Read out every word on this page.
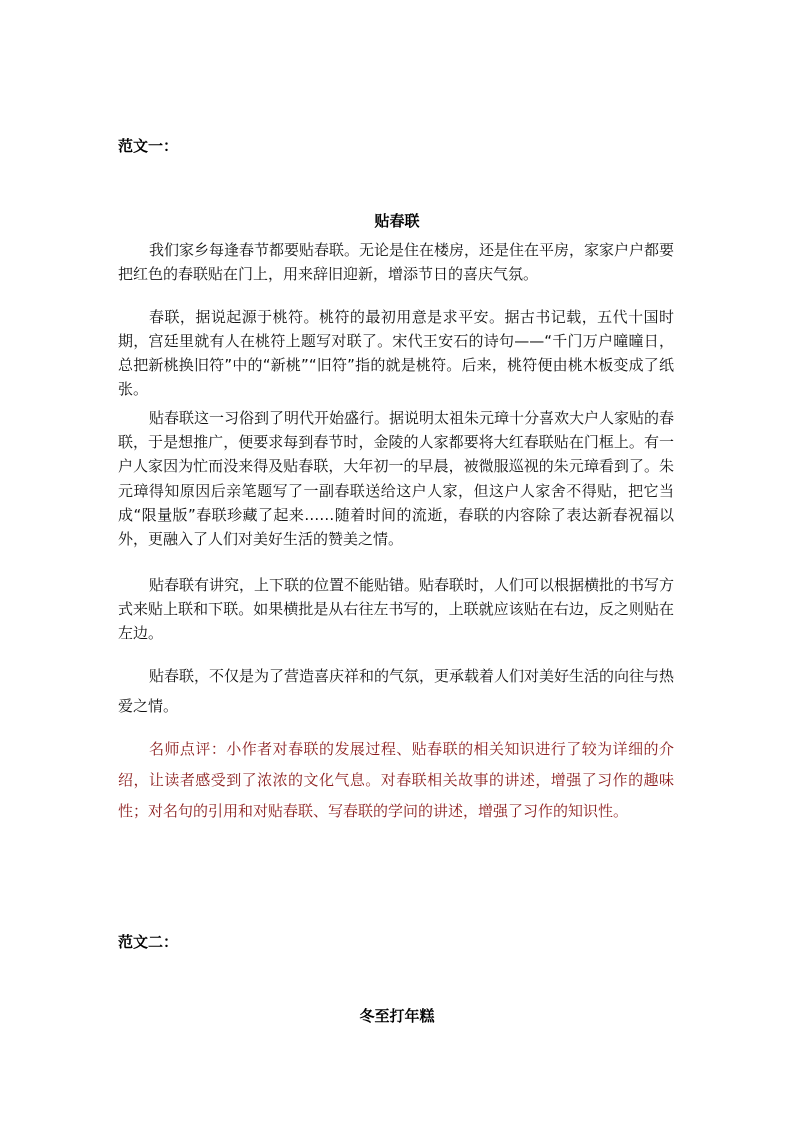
范文一：
贴春联

我们家乡每逢春节都要贴春联。无论是住在楼房，还是住在平房，家家户户都要把红色的春联贴在门上，用来辞旧迎新，增添节日的喜庆气氛。

春联，据说起源于桃符。桃符的最初用意是求平安。据古书记载，五代十国时期，宫廷里就有人在桃符上题写对联了。宋代王安石的诗句——“千门万户曈曈日，总把新桃换旧符”中的“新桃”“旧符”指的就是桃符。后来，桃符便由桃木板变成了纸张。

贴春联这一习俗到了明代开始盛行。据说明太祖朱元璋十分喜欢大户人家贴的春联，于是想推广，便要求每到春节时，金陵的人家都要将大红春联贴在门框上。有一户人家因为忙而没来得及贴春联，大年初一的早晨，被微服巡视的朱元璋看到了。朱元璋得知原因后亲笔题写了一副春联送给这户人家，但这户人家舍不得贴，把它当成“限量版”春联珍藏了起来……随着时间的流逝，春联的内容除了表达新春祝福以外，更融入了人们对美好生活的赞美之情。

贴春联有讲究，上下联的位置不能贴错。贴春联时，人们可以根据横批的书写方式来贴上联和下联。如果横批是从右往左书写的，上联就应该贴在右边，反之则贴在左边。

贴春联，不仅是为了营造喜庆祥和的气氛，更承载着人们对美好生活的向往与热爱之情。

名师点评：小作者对春联的发展过程、贴春联的相关知识进行了较为详细的介绍，让读者感受到了浓浓的文化气息。对春联相关故事的讲述，增强了习作的趣味性；对名句的引用和对贴春联、写春联的学问的讲述，增强了习作的知识性。

范文二：
冬至打年糕
